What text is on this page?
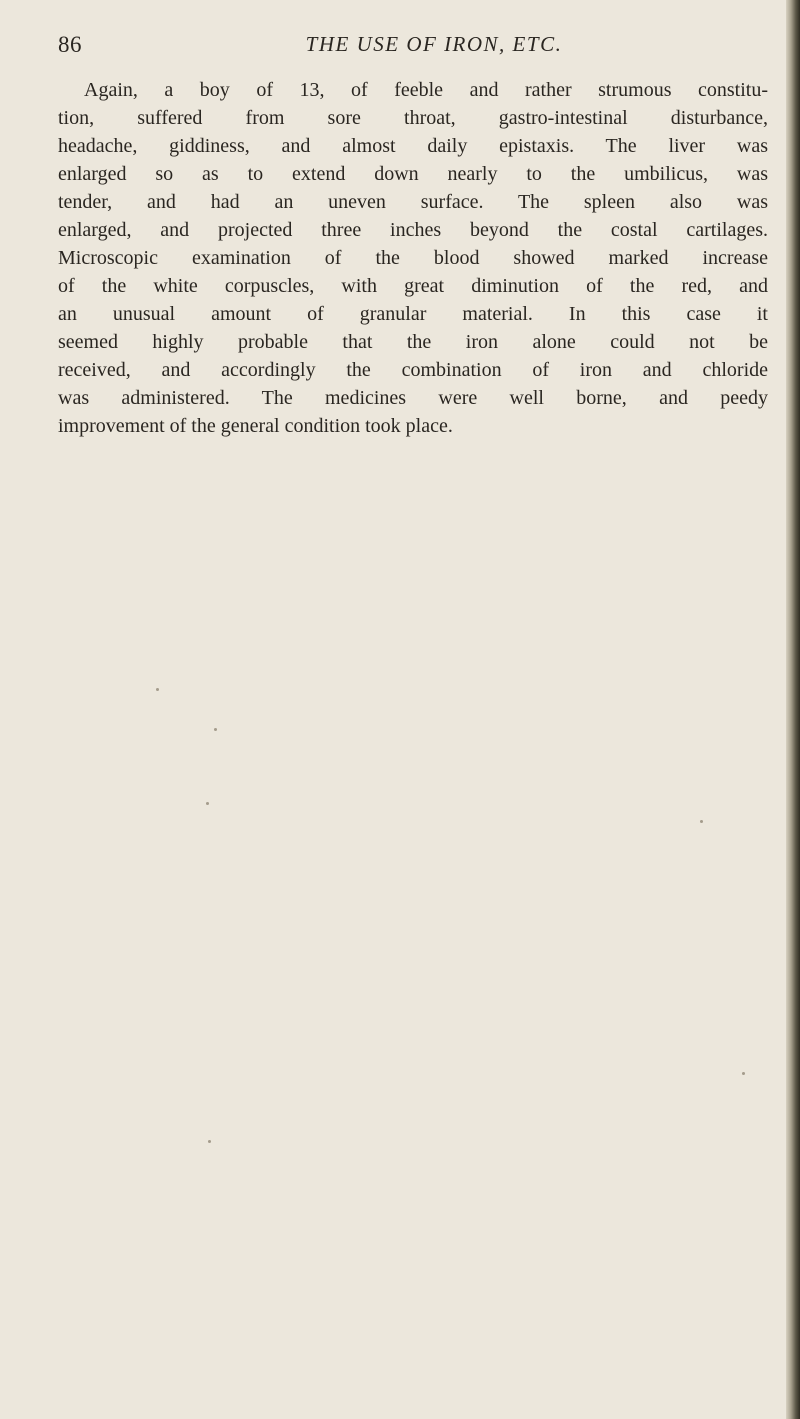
86	THE USE OF IRON, ETC.
Again, a boy of 13, of feeble and rather strumous constitu-
tion, suffered from sore throat, gastro-intestinal disturbance,
headache, giddiness, and almost daily epistaxis. The liver was
enlarged so as to extend down nearly to the umbilicus, was
tender, and had an uneven surface. The spleen also was
enlarged, and projected three inches beyond the costal cartilages.
Microscopic examination of the blood showed marked increase
of the white corpuscles, with great diminution of the red, and
an unusual amount of granular material. In this case it
seemed highly probable that the iron alone could not be
received, and accordingly the combination of iron and chloride
was administered. The medicines were well borne, and peedy
improvement of the general condition took place.
